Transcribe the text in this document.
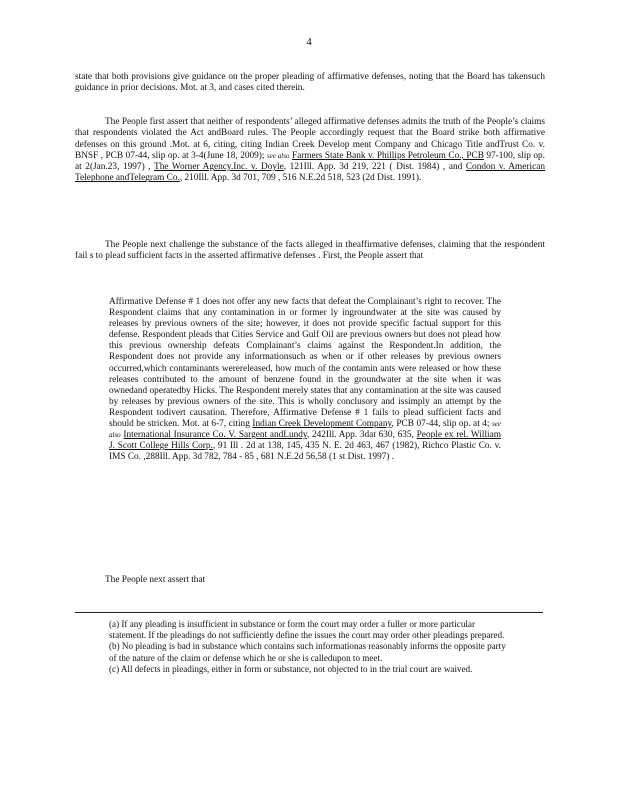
4

state that both provisions give guidance on the proper pleading of affirmative defenses, noting that the Board has takensuch guidance in prior decisions. Mot. at 3, and cases cited therein.

The People first assert that neither of respondents’ alleged affirmative defenses admits the truth of the People’s claims that respondents violated the Act andBoard rules. The People accordingly request that the Board strike both affirmative defenses on this ground .Mot. at 6, citing, citing Indian Creek Develop ment Company and Chicago Title andTrust Co. v. BNSF , PCB 07-44, slip op. at 3-4(June 18, 2009); see also Farmers State Bank v. Phillips Petroleum Co., PCB 97-100, slip op. at 2(Jan.23, 1997) , The Worner Agency.Inc. v. Doyle, 121Ill. App. 3d 219, 221 ( Dist. 1984) , and Condon v. American Telephone andTelegram Co., 210Ill. App. 3d 701, 709 , 516 N.E.2d 518, 523 (2d Dist. 1991).

The People next challenge the substance of the facts alleged in theaffirmative defenses, claiming that the respondent fail s to plead sufficient facts in the asserted affirmative defenses . First, the People assert that

Affirmative Defense # 1 does not offer any new facts that defeat the Complainant’s right to recover. The Respondent claims that any contamination in or former ly ingroundwater at the site was caused by releases by previous owners of the site; however, it does not provide specific factual support for this defense. Respondent pleads that Cities Service and Gulf Oil are previous owners but does not plead how this previous ownership defeats Complainant’s claims against the Respondent.In addition, the Respondent does not provide any informationsuch as when or if other releases by previous owners occurred,which contaminants werereleased, how much of the contamin ants were released or how these releases contributed to the amount of benzene found in the groundwater at the site when it was ownedand operatedby Hicks. The Respondent merely states that any contamination at the site was caused by releases by previous owners of the site. This is wholly conclusory and issimply an attempt by the Respondent todivert causation. Therefore, Affirmative Defense # 1 fails to plead sufficient facts and should be stricken. Mot. at 6-7, citing Indian Creek Development Company, PCB 07-44, slip op. at 4; see also International Insurance Co. V. Sargent andLundy, 242Ill. App. 3dat 630, 635, People ex rel. William J. Scott College Hills Corp., 91 Ill . 2d at 138, 145, 435 N. E. 2d 463, 467 (1982), Richco Plastic Co. v. IMS Co. ,288Ill. App. 3d 782, 784 - 85 , 681 N.E.2d 56,58 (1 st Dist. 1997) .

The People next assert that

(a) If any pleading is insufficient in substance or form the court may order a fuller or more particular statement. If the pleadings do not sufficiently define the issues the court may order other pleadings prepared.

(b) No pleading is bad in substance which contains such informationas reasonably informs the opposite party of the nature of the claim or defense which he or she is calledupon to meet.

(c) All defects in pleadings, either in form or substance, not objected to in the trial court are waived.
